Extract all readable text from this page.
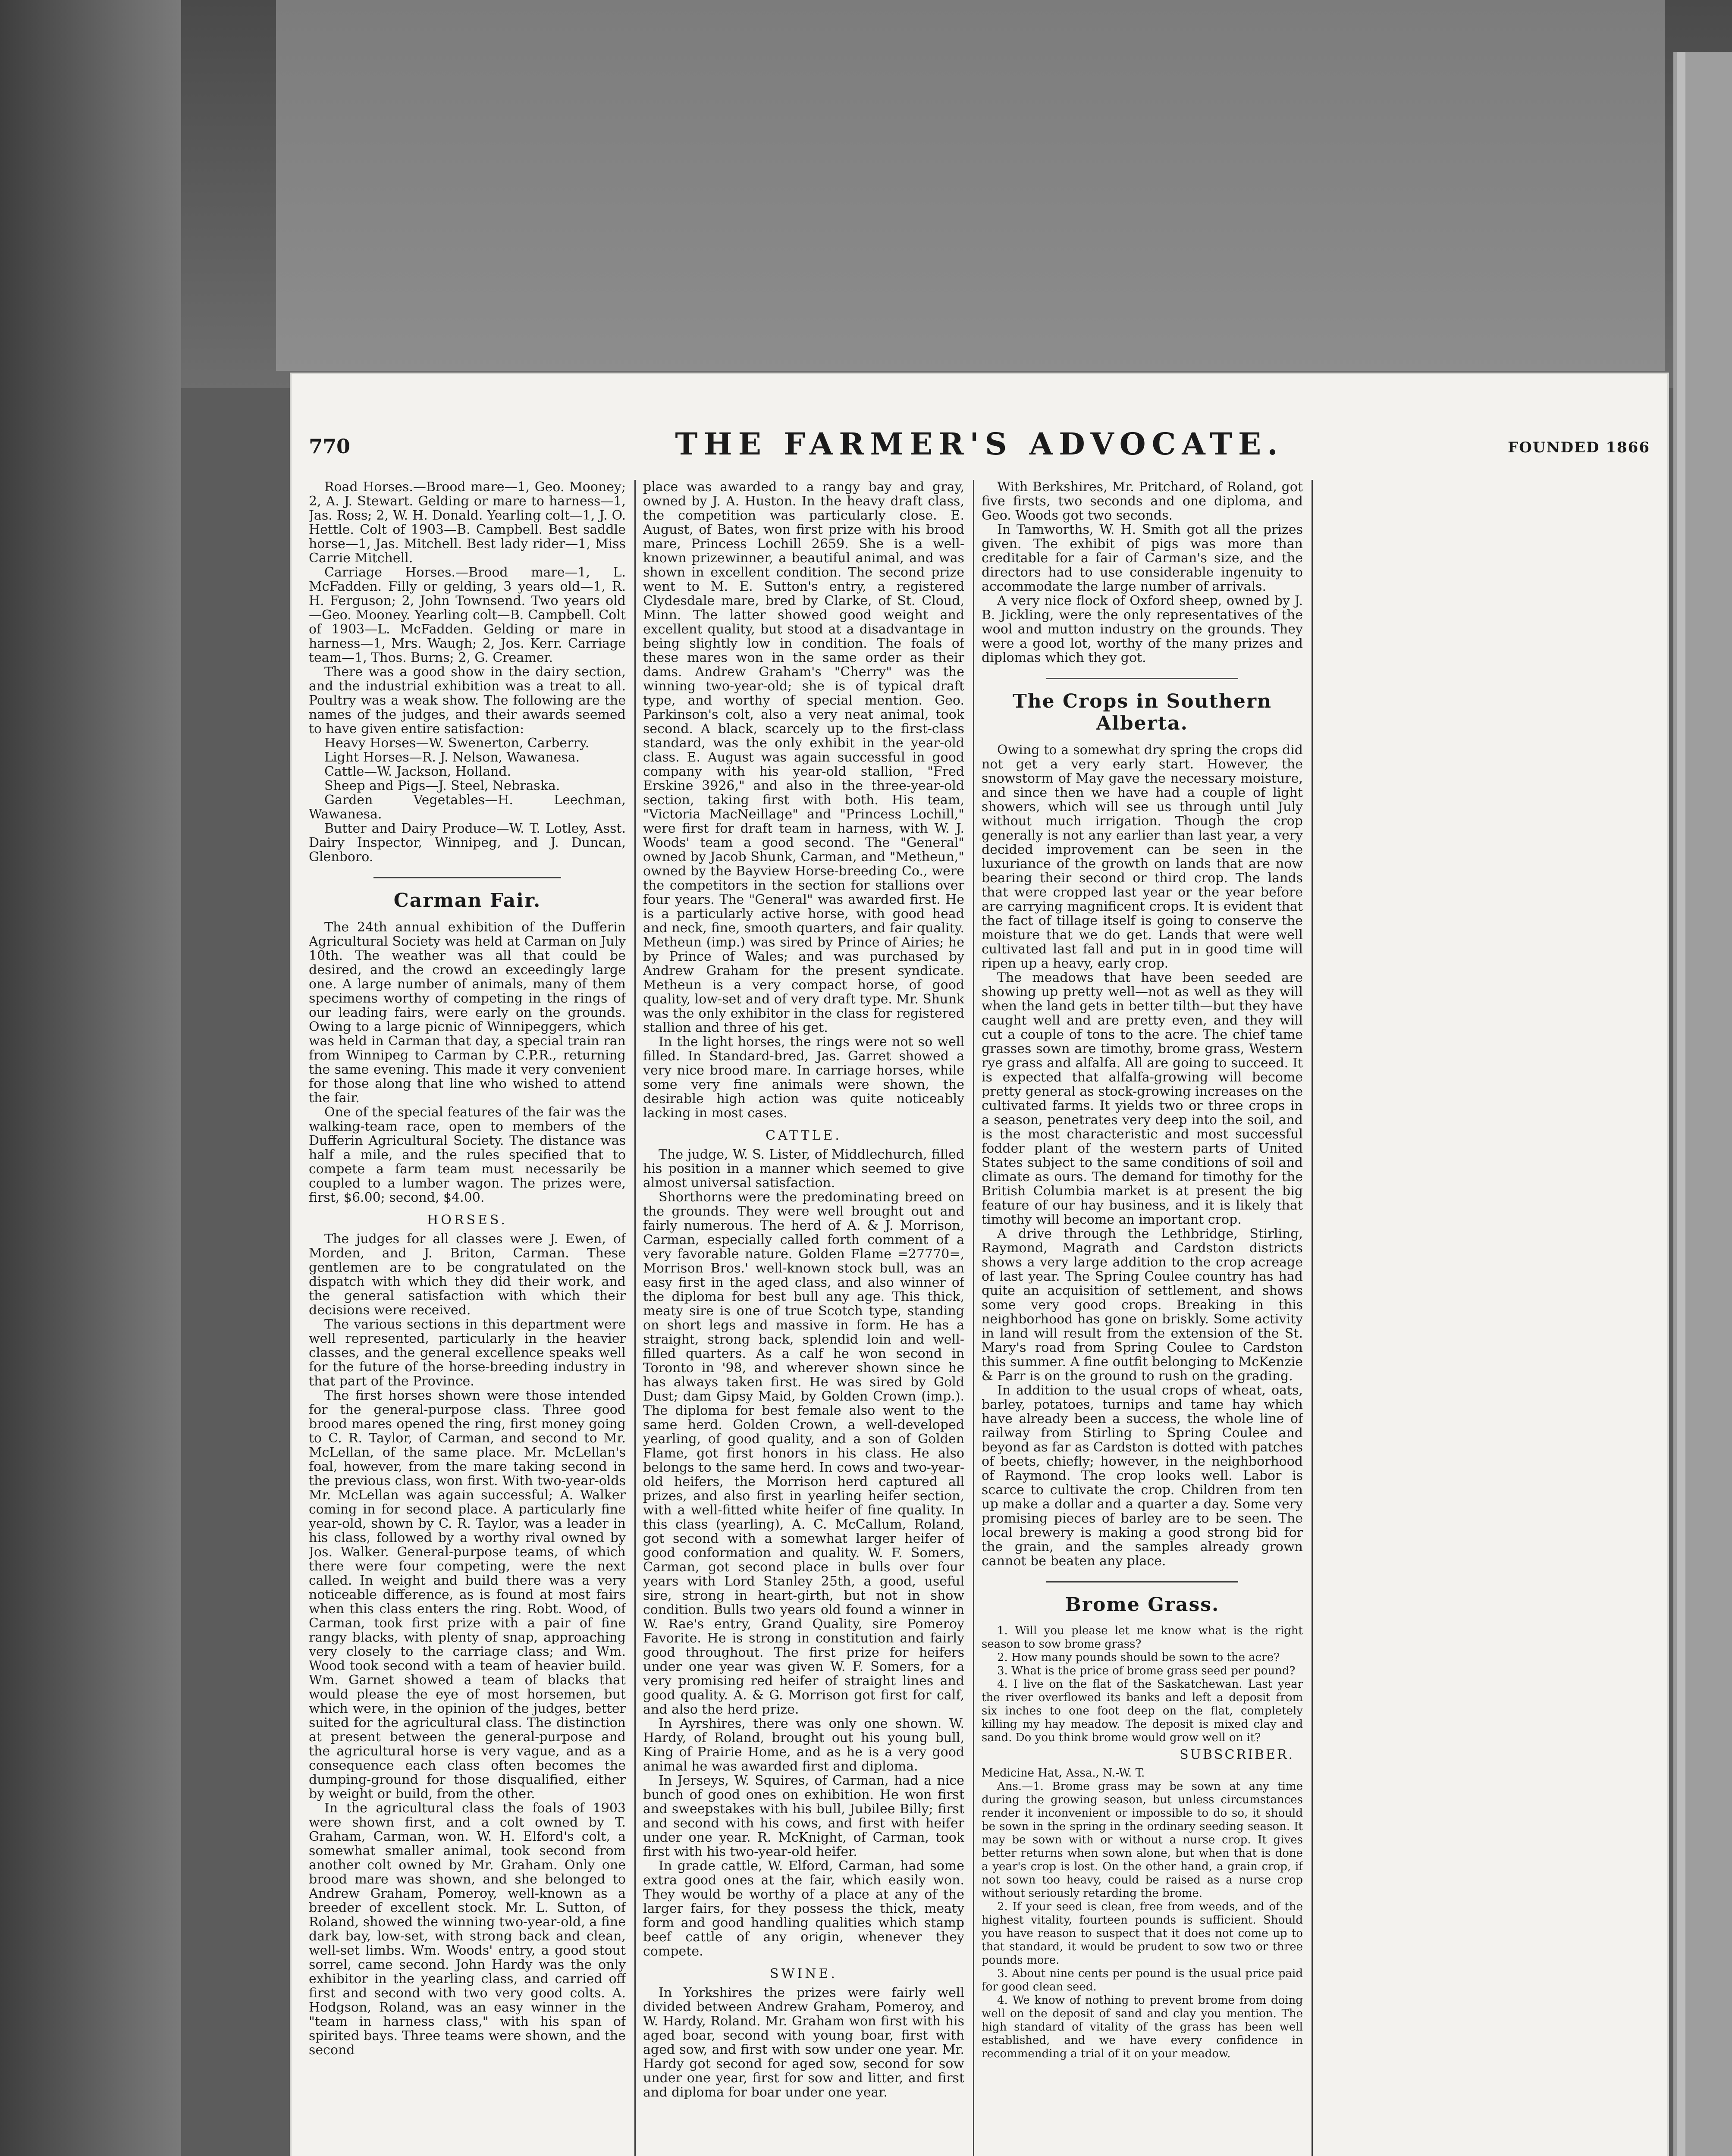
770	THE FARMER'S ADVOCATE.	FOUNDED 1866

Road Horses.—Brood mare—1, Geo. Mooney; 2, A. J. Stewart. Gelding or mare to harness—1, Jas. Ross; 2, W. H. Donald. Yearling colt—1, J. O. Hettle. Colt of 1903—B. Campbell. Best saddle horse—1, Jas. Mitchell. Best lady rider—1, Miss Carrie Mitchell.

Carriage Horses.—Brood mare—1, L. McFadden. Filly or gelding, 3 years old—1, R. H. Ferguson; 2, John Townsend. Two years old—Geo. Mooney. Yearling colt—B. Campbell. Colt of 1903—L. McFadden. Gelding or mare in harness—1, Mrs. Waugh; 2, Jos. Kerr. Carriage team—1, Thos. Burns; 2, G. Creamer.

There was a good show in the dairy section, and the industrial exhibition was a treat to all. Poultry was a weak show. The following are the names of the judges, and their awards seemed to have given entire satisfaction:

Heavy Horses—W. Swenerton, Carberry.

Light Horses—R. J. Nelson, Wawanesa.

Cattle—W. Jackson, Holland.

Sheep and Pigs—J. Steel, Nebraska.

Garden Vegetables—H. Leechman, Wawanesa.

Butter and Dairy Produce—W. T. Lotley, Asst. Dairy Inspector, Winnipeg, and J. Duncan, Glenboro.

Carman Fair.

The 24th annual exhibition of the Dufferin Agricultural Society was held at Carman on July 10th. The weather was all that could be desired, and the crowd an exceedingly large one. A large number of animals, many of them specimens worthy of competing in the rings of our leading fairs, were early on the grounds. Owing to a large picnic of Winnipeggers, which was held in Carman that day, a special train ran from Winnipeg to Carman by C.P.R., returning the same evening. This made it very convenient for those along that line who wished to attend the fair.

One of the special features of the fair was the walking-team race, open to members of the Dufferin Agricultural Society. The distance was half a mile, and the rules specified that to compete a farm team must necessarily be coupled to a lumber wagon. The prizes were, first, $6.00; second, $4.00.

HORSES.

The judges for all classes were J. Ewen, of Morden, and J. Briton, Carman. These gentlemen are to be congratulated on the dispatch with which they did their work, and the general satisfaction with which their decisions were received.

The various sections in this department were well represented, particularly in the heavier classes, and the general excellence speaks well for the future of the horse-breeding industry in that part of the Province.

The first horses shown were those intended for the general-purpose class. Three good brood mares opened the ring, first money going to C. R. Taylor, of Carman, and second to Mr. McLellan, of the same place. Mr. McLellan's foal, however, from the mare taking second in the previous class, won first. With two-year-olds Mr. McLellan was again successful; A. Walker coming in for second place. A particularly fine year-old, shown by C. R. Taylor, was a leader in his class, followed by a worthy rival owned by Jos. Walker. General-purpose teams, of which there were four competing, were the next called. In weight and build there was a very noticeable difference, as is found at most fairs when this class enters the ring. Robt. Wood, of Carman, took first prize with a pair of fine rangy blacks, with plenty of snap, approaching very closely to the carriage class; and Wm. Wood took second with a team of heavier build. Wm. Garnet showed a team of blacks that would please the eye of most horsemen, but which were, in the opinion of the judges, better suited for the agricultural class. The distinction at present between the general-purpose and the agricultural horse is very vague, and as a consequence each class often becomes the dumping-ground for those disqualified, either by weight or build, from the other.

In the agricultural class the foals of 1903 were shown first, and a colt owned by T. Graham, Carman, won. W. H. Elford's colt, a somewhat smaller animal, took second from another colt owned by Mr. Graham. Only one brood mare was shown, and she belonged to Andrew Graham, Pomeroy, well-known as a breeder of excellent stock. Mr. L. Sutton, of Roland, showed the winning two-year-old, a fine dark bay, low-set, with strong back and clean, well-set limbs. Wm. Woods' entry, a good stout sorrel, came second. John Hardy was the only exhibitor in the yearling class, and carried off first and second with two very good colts. A. Hodgson, Roland, was an easy winner in the "team in harness class," with his span of spirited bays. Three teams were shown, and the second

place was awarded to a rangy bay and gray, owned by J. A. Huston. In the heavy draft class, the competition was particularly close. E. August, of Bates, won first prize with his brood mare, Princess Lochill 2659. She is a well-known prizewinner, a beautiful animal, and was shown in excellent condition. The second prize went to M. E. Sutton's entry, a registered Clydesdale mare, bred by Clarke, of St. Cloud, Minn. The latter showed good weight and excellent quality, but stood at a disadvantage in being slightly low in condition. The foals of these mares won in the same order as their dams. Andrew Graham's "Cherry" was the winning two-year-old; she is of typical draft type, and worthy of special mention. Geo. Parkinson's colt, also a very neat animal, took second. A black, scarcely up to the first-class standard, was the only exhibit in the year-old class. E. August was again successful in good company with his year-old stallion, "Fred Erskine 3926," and also in the three-year-old section, taking first with both. His team, "Victoria MacNeillage" and "Princess Lochill," were first for draft team in harness, with W. J. Woods' team a good second. The "General" owned by Jacob Shunk, Carman, and "Metheun," owned by the Bayview Horse-breeding Co., were the competitors in the section for stallions over four years. The "General" was awarded first. He is a particularly active horse, with good head and neck, fine, smooth quarters, and fair quality. Metheun (imp.) was sired by Prince of Airies; he by Prince of Wales; and was purchased by Andrew Graham for the present syndicate. Metheun is a very compact horse, of good quality, low-set and of very draft type. Mr. Shunk was the only exhibitor in the class for registered stallion and three of his get.

In the light horses, the rings were not so well filled. In Standard-bred, Jas. Garret showed a very nice brood mare. In carriage horses, while some very fine animals were shown, the desirable high action was quite noticeably lacking in most cases.

CATTLE.

The judge, W. S. Lister, of Middlechurch, filled his position in a manner which seemed to give almost universal satisfaction.

Shorthorns were the predominating breed on the grounds. They were well brought out and fairly numerous. The herd of A. & J. Morrison, Carman, especially called forth comment of a very favorable nature. Golden Flame =27770=, Morrison Bros.' well-known stock bull, was an easy first in the aged class, and also winner of the diploma for best bull any age. This thick, meaty sire is one of true Scotch type, standing on short legs and massive in form. He has a straight, strong back, splendid loin and well-filled quarters. As a calf he won second in Toronto in '98, and wherever shown since he has always taken first. He was sired by Gold Dust; dam Gipsy Maid, by Golden Crown (imp.). The diploma for best female also went to the same herd. Golden Crown, a well-developed yearling, of good quality, and a son of Golden Flame, got first honors in his class. He also belongs to the same herd. In cows and two-year-old heifers, the Morrison herd captured all prizes, and also first in yearling heifer section, with a well-fitted white heifer of fine quality. In this class (yearling), A. C. McCallum, Roland, got second with a somewhat larger heifer of good conformation and quality. W. F. Somers, Carman, got second place in bulls over four years with Lord Stanley 25th, a good, useful sire, strong in heart-girth, but not in show condition. Bulls two years old found a winner in W. Rae's entry, Grand Quality, sire Pomeroy Favorite. He is strong in constitution and fairly good throughout. The first prize for heifers under one year was given W. F. Somers, for a very promising red heifer of straight lines and good quality. A. & G. Morrison got first for calf, and also the herd prize.

In Ayrshires, there was only one shown. W. Hardy, of Roland, brought out his young bull, King of Prairie Home, and as he is a very good animal he was awarded first and diploma.

In Jerseys, W. Squires, of Carman, had a nice bunch of good ones on exhibition. He won first and sweepstakes with his bull, Jubilee Billy; first and second with his cows, and first with heifer under one year. R. McKnight, of Carman, took first with his two-year-old heifer.

In grade cattle, W. Elford, Carman, had some extra good ones at the fair, which easily won. They would be worthy of a place at any of the larger fairs, for they possess the thick, meaty form and good handling qualities which stamp beef cattle of any origin, whenever they compete.

SWINE.

In Yorkshires the prizes were fairly well divided between Andrew Graham, Pomeroy, and W. Hardy, Roland. Mr. Graham won first with his aged boar, second with young boar, first with aged sow, and first with sow under one year. Mr. Hardy got second for aged sow, second for sow under one year, first for sow and litter, and first and diploma for boar under one year.

With Berkshires, Mr. Pritchard, of Roland, got five firsts, two seconds and one diploma, and Geo. Woods got two seconds.

In Tamworths, W. H. Smith got all the prizes given. The exhibit of pigs was more than creditable for a fair of Carman's size, and the directors had to use considerable ingenuity to accommodate the large number of arrivals.

A very nice flock of Oxford sheep, owned by J. B. Jickling, were the only representatives of the wool and mutton industry on the grounds. They were a good lot, worthy of the many prizes and diplomas which they got.

The Crops in Southern Alberta.

Owing to a somewhat dry spring the crops did not get a very early start. However, the snowstorm of May gave the necessary moisture, and since then we have had a couple of light showers, which will see us through until July without much irrigation. Though the crop generally is not any earlier than last year, a very decided improvement can be seen in the luxuriance of the growth on lands that are now bearing their second or third crop. The lands that were cropped last year or the year before are carrying magnificent crops. It is evident that the fact of tillage itself is going to conserve the moisture that we do get. Lands that were well cultivated last fall and put in in good time will ripen up a heavy, early crop.

The meadows that have been seeded are showing up pretty well—not as well as they will when the land gets in better tilth—but they have caught well and are pretty even, and they will cut a couple of tons to the acre. The chief tame grasses sown are timothy, brome grass, Western rye grass and alfalfa. All are going to succeed. It is expected that alfalfa-growing will become pretty general as stock-growing increases on the cultivated farms. It yields two or three crops in a season, penetrates very deep into the soil, and is the most characteristic and most successful fodder plant of the western parts of United States subject to the same conditions of soil and climate as ours. The demand for timothy for the British Columbia market is at present the big feature of our hay business, and it is likely that timothy will become an important crop.

A drive through the Lethbridge, Stirling, Raymond, Magrath and Cardston districts shows a very large addition to the crop acreage of last year. The Spring Coulee country has had quite an acquisition of settlement, and shows some very good crops. Breaking in this neighborhood has gone on briskly. Some activity in land will result from the extension of the St. Mary's road from Spring Coulee to Cardston this summer. A fine outfit belonging to McKenzie & Parr is on the ground to rush on the grading.

In addition to the usual crops of wheat, oats, barley, potatoes, turnips and tame hay which have already been a success, the whole line of railway from Stirling to Spring Coulee and beyond as far as Cardston is dotted with patches of beets, chiefly; however, in the neighborhood of Raymond. The crop looks well. Labor is scarce to cultivate the crop. Children from ten up make a dollar and a quarter a day. Some very promising pieces of barley are to be seen. The local brewery is making a good strong bid for the grain, and the samples already grown cannot be beaten any place.

Brome Grass.

1. Will you please let me know what is the right season to sow brome grass?

2. How many pounds should be sown to the acre?

3. What is the price of brome grass seed per pound?

4. I live on the flat of the Saskatchewan. Last year the river overflowed its banks and left a deposit from six inches to one foot deep on the flat, completely killing my hay meadow. The deposit is mixed clay and sand. Do you think brome would grow well on it?

SUBSCRIBER.
Medicine Hat, Assa., N.-W. T.

Ans.—1. Brome grass may be sown at any time during the growing season, but unless circumstances render it inconvenient or impossible to do so, it should be sown in the spring in the ordinary seeding season. It may be sown with or without a nurse crop. It gives better returns when sown alone, but when that is done a year's crop is lost. On the other hand, a grain crop, if not sown too heavy, could be raised as a nurse crop without seriously retarding the brome.

2. If your seed is clean, free from weeds, and of the highest vitality, fourteen pounds is sufficient. Should you have reason to suspect that it does not come up to that standard, it would be prudent to sow two or three pounds more.

3. About nine cents per pound is the usual price paid for good clean seed.

4. We know of nothing to prevent brome from doing well on the deposit of sand and clay you mention. The high standard of vitality of the grass has been well established, and we have every confidence in recommending a trial of it on your meadow.
